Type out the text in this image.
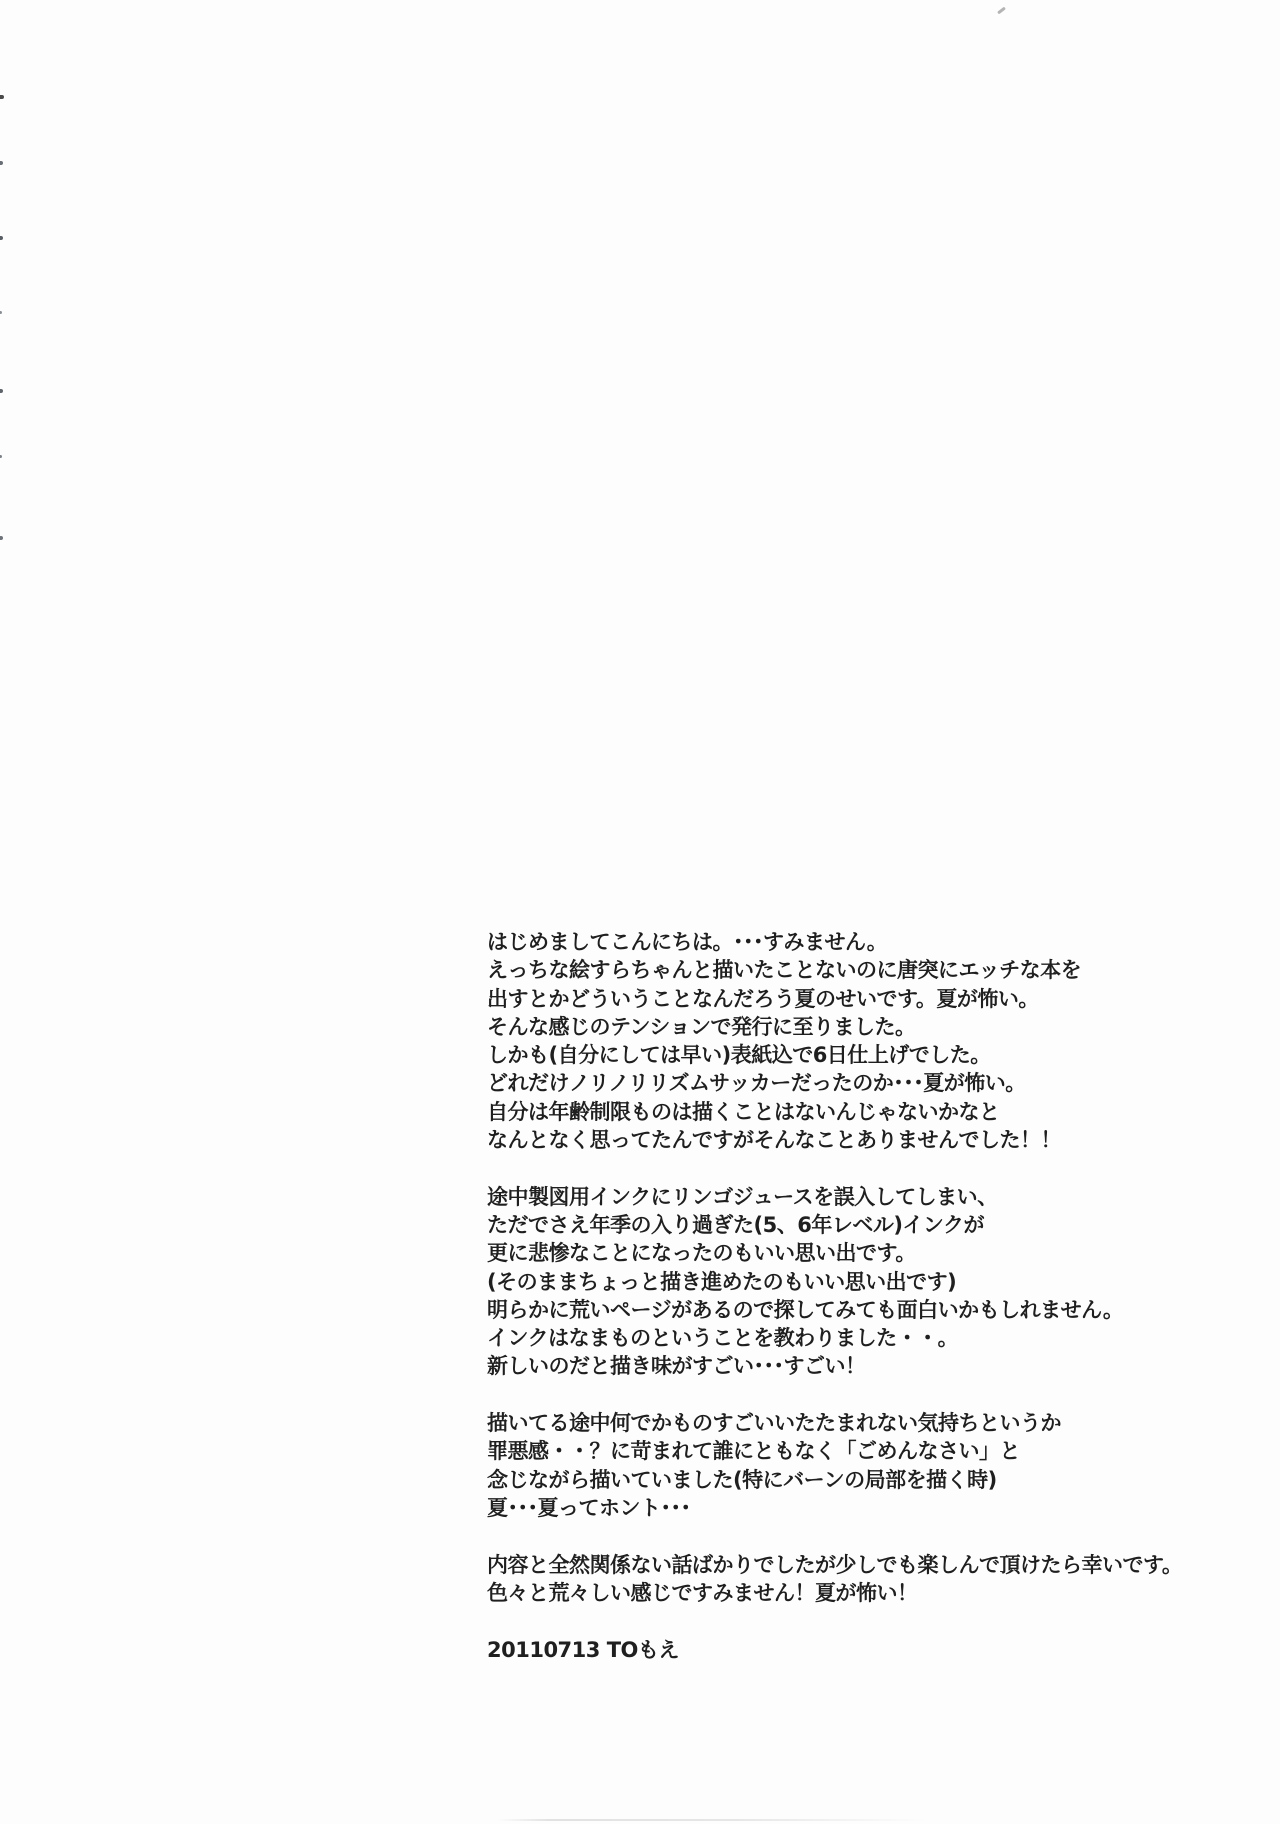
はじめましてこんにちは。･･･すみません。
えっちな絵すらちゃんと描いたことないのに唐突にエッチな本を
出すとかどういうことなんだろう夏のせいです。夏が怖い。
そんな感じのテンションで発行に至りました。
しかも(自分にしては早い)表紙込で6日仕上げでした。
どれだけノリノリリズムサッカーだったのか･･･夏が怖い。
自分は年齢制限ものは描くことはないんじゃないかなと
なんとなく思ってたんですがそんなことありませんでした！！

途中製図用インクにリンゴジュースを誤入してしまい、
ただでさえ年季の入り過ぎた(5、6年レベル)インクが
更に悲惨なことになったのもいい思い出です。
(そのままちょっと描き進めたのもいい思い出です)
明らかに荒いページがあるので探してみても面白いかもしれません。
インクはなまものということを教わりました・・。
新しいのだと描き味がすごい･･･すごい！

描いてる途中何でかものすごいいたたまれない気持ちというか
罪悪感・・？に苛まれて誰にともなく「ごめんなさい」と
念じながら描いていました(特にバーンの局部を描く時)
夏･･･夏ってホント･･･

内容と全然関係ない話ばかりでしたが少しでも楽しんで頂けたら幸いです。
色々と荒々しい感じですみません！夏が怖い！

20110713 TOもえ
